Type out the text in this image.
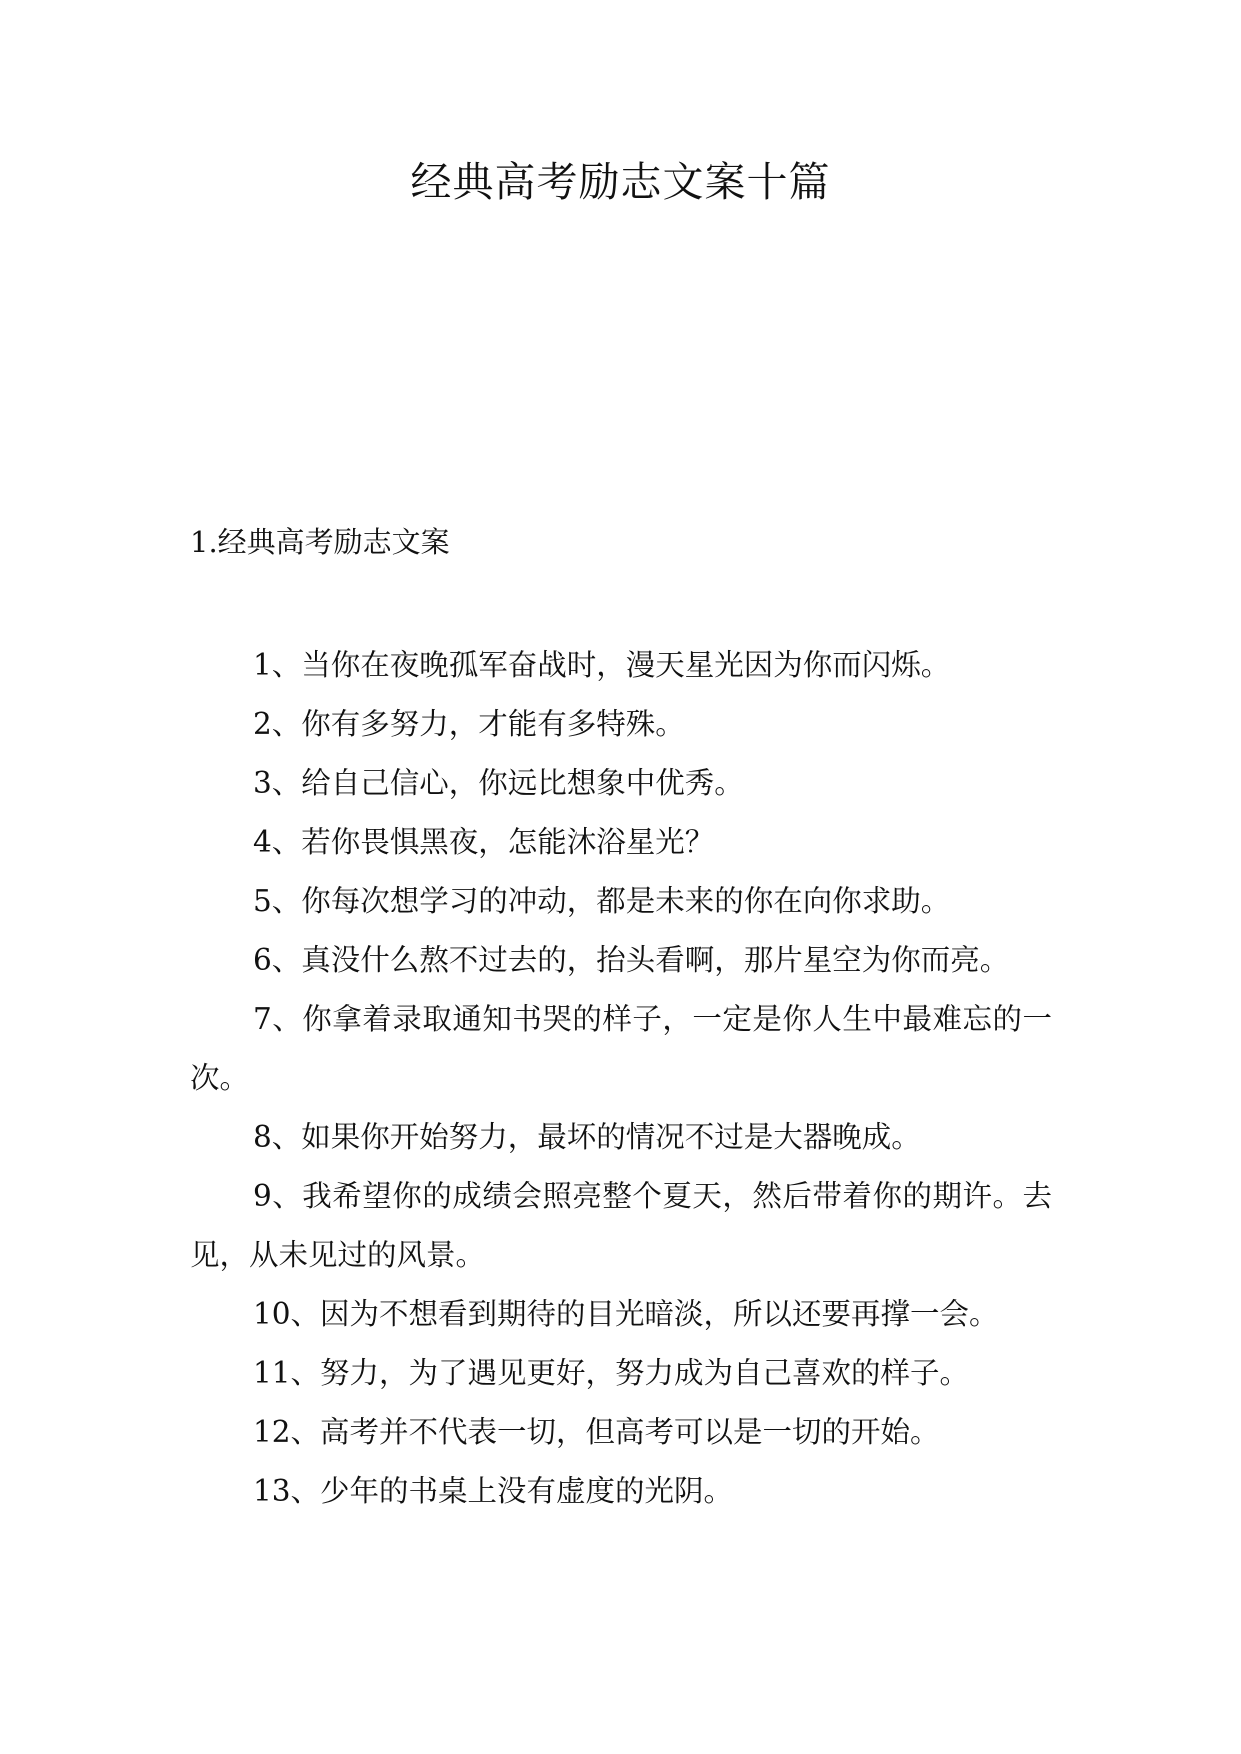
经典高考励志文案十篇
1.经典高考励志文案

1、当你在夜晚孤军奋战时，漫天星光因为你而闪烁。

2、你有多努力，才能有多特殊。

3、给自己信心，你远比想象中优秀。

4、若你畏惧黑夜，怎能沐浴星光？

5、你每次想学习的冲动，都是未来的你在向你求助。

6、真没什么熬不过去的，抬头看啊，那片星空为你而亮。

7、你拿着录取通知书哭的样子，一定是你人生中最难忘的一次。

8、如果你开始努力，最坏的情况不过是大器晚成。

9、我希望你的成绩会照亮整个夏天，然后带着你的期许。去见，从未见过的风景。

10、因为不想看到期待的目光暗淡，所以还要再撑一会。

11、努力，为了遇见更好，努力成为自己喜欢的样子。

12、高考并不代表一切，但高考可以是一切的开始。

13、少年的书桌上没有虚度的光阴。
